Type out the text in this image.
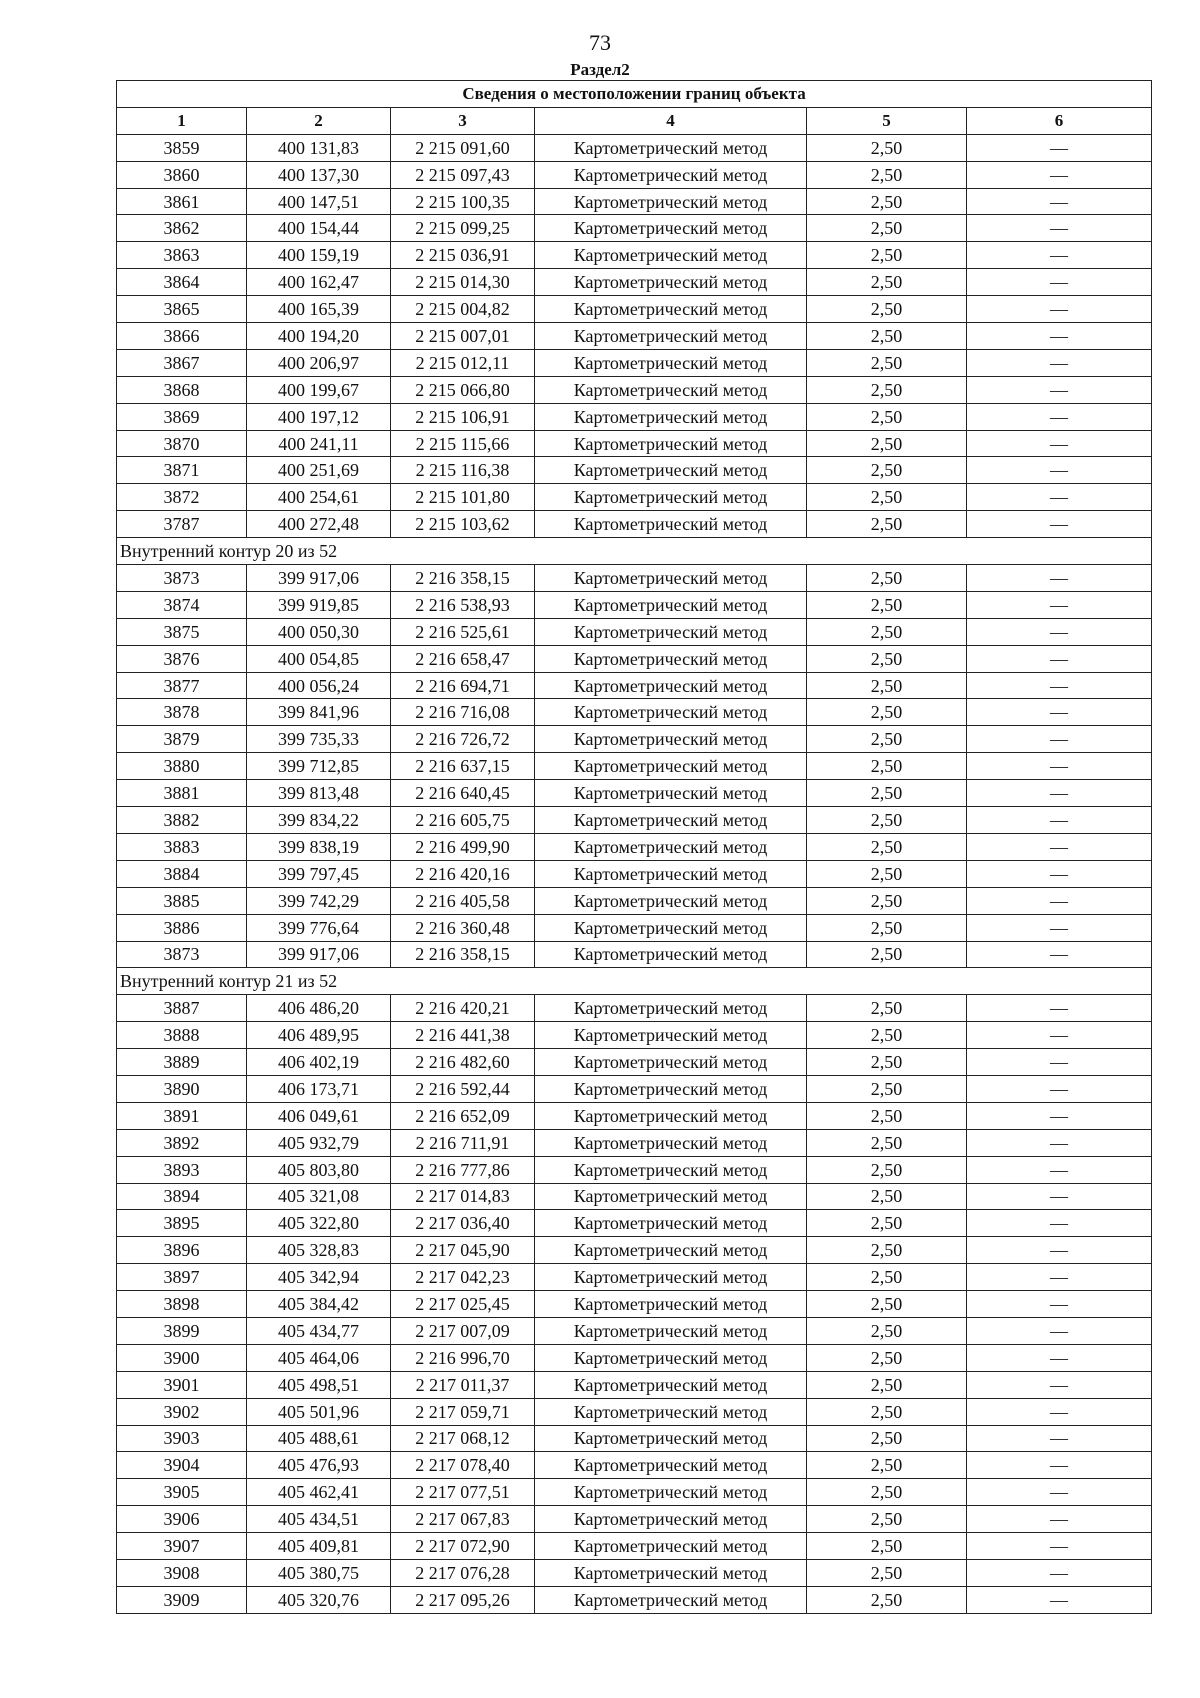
73
Раздел2
Сведения о местоположении границ объекта					
1	2	3	4	5	6
3859	400 131,83	2 215 091,60	Картометрический метод	2,50	—
3860	400 137,30	2 215 097,43	Картометрический метод	2,50	—
3861	400 147,51	2 215 100,35	Картометрический метод	2,50	—
3862	400 154,44	2 215 099,25	Картометрический метод	2,50	—
3863	400 159,19	2 215 036,91	Картометрический метод	2,50	—
3864	400 162,47	2 215 014,30	Картометрический метод	2,50	—
3865	400 165,39	2 215 004,82	Картометрический метод	2,50	—
3866	400 194,20	2 215 007,01	Картометрический метод	2,50	—
3867	400 206,97	2 215 012,11	Картометрический метод	2,50	—
3868	400 199,67	2 215 066,80	Картометрический метод	2,50	—
3869	400 197,12	2 215 106,91	Картометрический метод	2,50	—
3870	400 241,11	2 215 115,66	Картометрический метод	2,50	—
3871	400 251,69	2 215 116,38	Картометрический метод	2,50	—
3872	400 254,61	2 215 101,80	Картометрический метод	2,50	—
3787	400 272,48	2 215 103,62	Картометрический метод	2,50	—
Внутренний контур 20 из 52					
3873	399 917,06	2 216 358,15	Картометрический метод	2,50	—
3874	399 919,85	2 216 538,93	Картометрический метод	2,50	—
3875	400 050,30	2 216 525,61	Картометрический метод	2,50	—
3876	400 054,85	2 216 658,47	Картометрический метод	2,50	—
3877	400 056,24	2 216 694,71	Картометрический метод	2,50	—
3878	399 841,96	2 216 716,08	Картометрический метод	2,50	—
3879	399 735,33	2 216 726,72	Картометрический метод	2,50	—
3880	399 712,85	2 216 637,15	Картометрический метод	2,50	—
3881	399 813,48	2 216 640,45	Картометрический метод	2,50	—
3882	399 834,22	2 216 605,75	Картометрический метод	2,50	—
3883	399 838,19	2 216 499,90	Картометрический метод	2,50	—
3884	399 797,45	2 216 420,16	Картометрический метод	2,50	—
3885	399 742,29	2 216 405,58	Картометрический метод	2,50	—
3886	399 776,64	2 216 360,48	Картометрический метод	2,50	—
3873	399 917,06	2 216 358,15	Картометрический метод	2,50	—
Внутренний контур 21 из 52					
3887	406 486,20	2 216 420,21	Картометрический метод	2,50	—
3888	406 489,95	2 216 441,38	Картометрический метод	2,50	—
3889	406 402,19	2 216 482,60	Картометрический метод	2,50	—
3890	406 173,71	2 216 592,44	Картометрический метод	2,50	—
3891	406 049,61	2 216 652,09	Картометрический метод	2,50	—
3892	405 932,79	2 216 711,91	Картометрический метод	2,50	—
3893	405 803,80	2 216 777,86	Картометрический метод	2,50	—
3894	405 321,08	2 217 014,83	Картометрический метод	2,50	—
3895	405 322,80	2 217 036,40	Картометрический метод	2,50	—
3896	405 328,83	2 217 045,90	Картометрический метод	2,50	—
3897	405 342,94	2 217 042,23	Картометрический метод	2,50	—
3898	405 384,42	2 217 025,45	Картометрический метод	2,50	—
3899	405 434,77	2 217 007,09	Картометрический метод	2,50	—
3900	405 464,06	2 216 996,70	Картометрический метод	2,50	—
3901	405 498,51	2 217 011,37	Картометрический метод	2,50	—
3902	405 501,96	2 217 059,71	Картометрический метод	2,50	—
3903	405 488,61	2 217 068,12	Картометрический метод	2,50	—
3904	405 476,93	2 217 078,40	Картометрический метод	2,50	—
3905	405 462,41	2 217 077,51	Картометрический метод	2,50	—
3906	405 434,51	2 217 067,83	Картометрический метод	2,50	—
3907	405 409,81	2 217 072,90	Картометрический метод	2,50	—
3908	405 380,75	2 217 076,28	Картометрический метод	2,50	—
3909	405 320,76	2 217 095,26	Картометрический метод	2,50	—
